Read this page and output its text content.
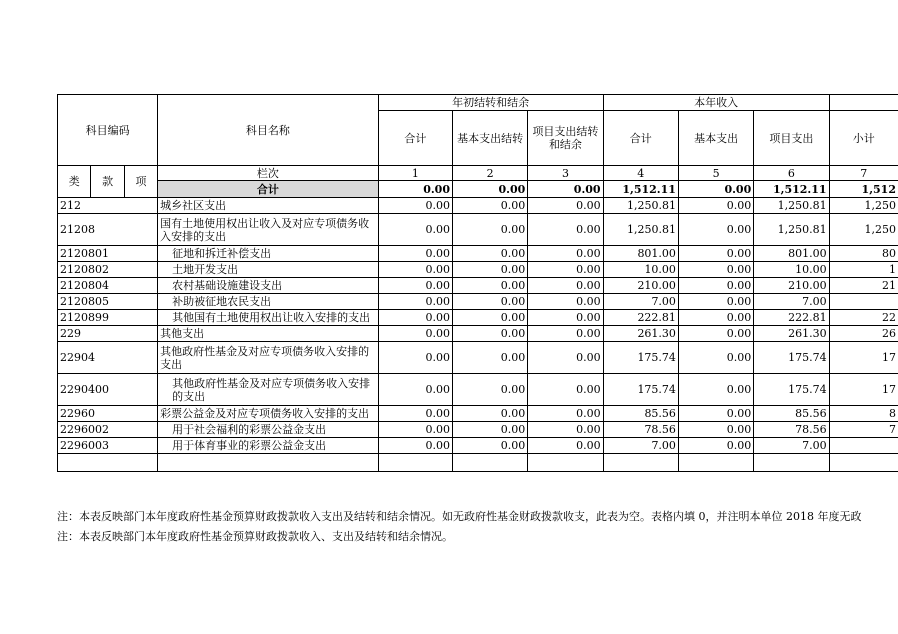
科目编码			科目名称	年初结转和结余			本年收入			
				合计	基本支出结转	项目支出结转和结余	合计	基本支出	项目支出	小计
类	款	项	栏次	1	2	3	4	5	6	7
			合计	0.00	0.00	0.00	1,512.11	0.00	1,512.11	1,512
212			城乡社区支出	0.00	0.00	0.00	1,250.81	0.00	1,250.81	1,250
21208			国有土地使用权出让收入及对应专项债务收入安排的支出	0.00	0.00	0.00	1,250.81	0.00	1,250.81	1,250
2120801			征地和拆迁补偿支出	0.00	0.00	0.00	801.00	0.00	801.00	80
2120802			土地开发支出	0.00	0.00	0.00	10.00	0.00	10.00	1
2120804			农村基础设施建设支出	0.00	0.00	0.00	210.00	0.00	210.00	21
2120805			补助被征地农民支出	0.00	0.00	0.00	7.00	0.00	7.00	
2120899			其他国有土地使用权出让收入安排的支出	0.00	0.00	0.00	222.81	0.00	222.81	22
229			其他支出	0.00	0.00	0.00	261.30	0.00	261.30	26
22904			其他政府性基金及对应专项债务收入安排的支出	0.00	0.00	0.00	175.74	0.00	175.74	17
2290400			其他政府性基金及对应专项债务收入安排的支出	0.00	0.00	0.00	175.74	0.00	175.74	17
22960			彩票公益金及对应专项债务收入安排的支出	0.00	0.00	0.00	85.56	0.00	85.56	8
2296002			用于社会福利的彩票公益金支出	0.00	0.00	0.00	78.56	0.00	78.56	7
2296003			用于体育事业的彩票公益金支出	0.00	0.00	0.00	7.00	0.00	7.00	

注：本表反映部门本年度政府性基金预算财政拨款收入支出及结转和结余情况。如无政府性基金财政拨款收支，此表为空。表格内填 0，并注明本单位 2018 年度无政
注：本表反映部门本年度政府性基金预算财政拨款收入、支出及结转和结余情况。
